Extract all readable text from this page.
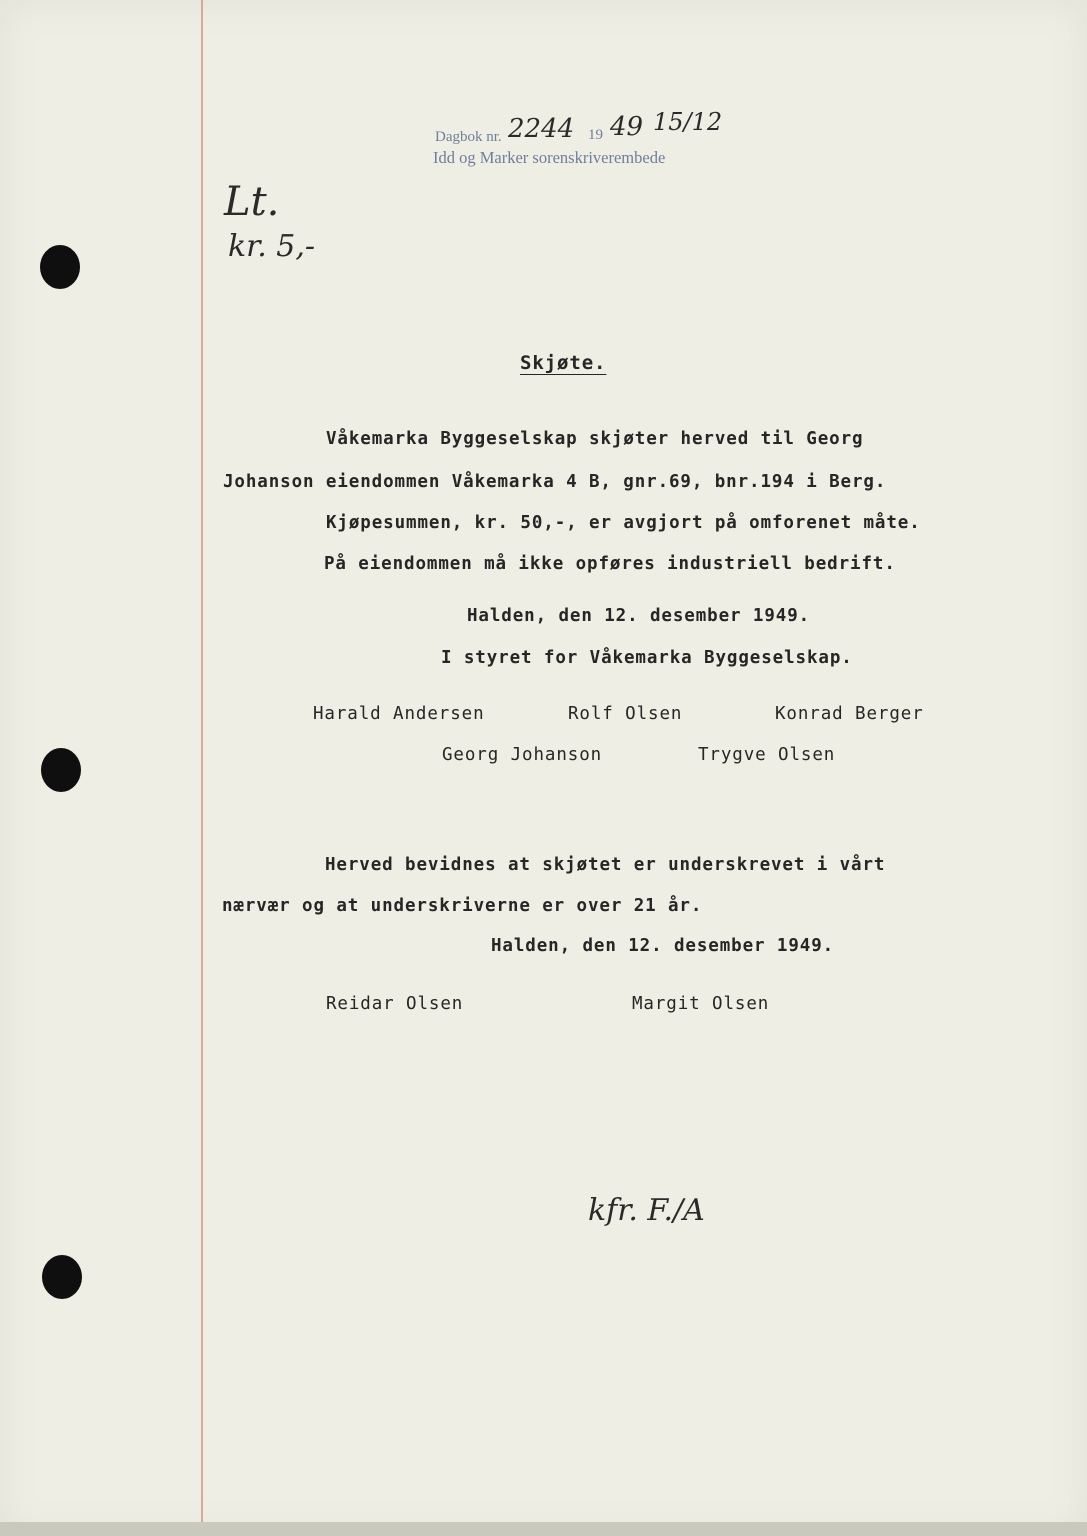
Dagbok nr. 2244 19 49 15/12
Idd og Marker sorenskriverembede
Lt.
kr. 5,-
Skjøte.
Våkemarka Byggeselskap skjøter herved til Georg
Johanson eiendommen Våkemarka 4 B, gnr.69, bnr.194 i Berg.
Kjøpesummen, kr. 50,-, er avgjort på omforenet måte.
På eiendommen må ikke opføres industriell bedrift.
Halden, den 12. desember 1949.
I styret for Våkemarka Byggeselskap.
Harald Andersen	Rolf Olsen	Konrad Berger
Georg Johanson	Trygve Olsen
Herved bevidnes at skjøtet er underskrevet i vårt
nærvær og at underskriverne er over 21 år.
Halden, den 12. desember 1949.
Reidar Olsen	Margit Olsen
kfr. F./A
